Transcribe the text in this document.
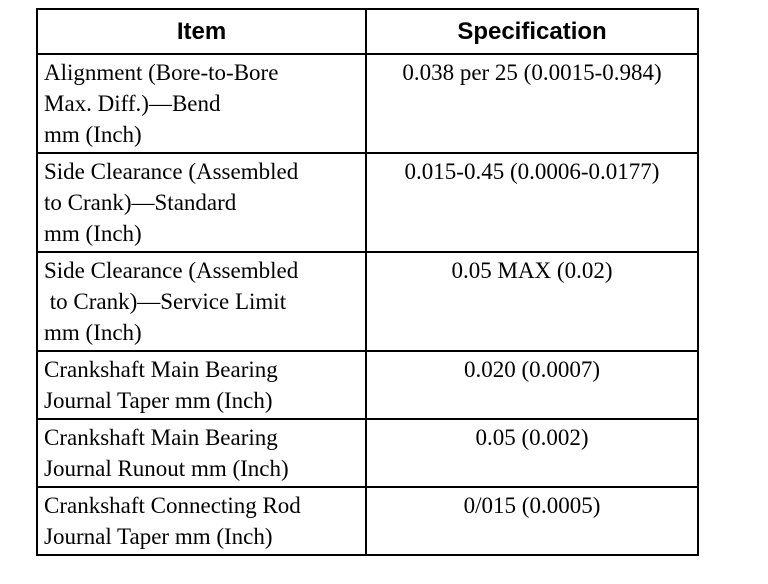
Item	Specification

Alignment (Bore-to-Bore
Max. Diff.)—Bend
mm (Inch)	0.038 per 25 (0.0015-0.984)

Side Clearance (Assembled
to Crank)—Standard
mm (Inch)	0.015-0.45 (0.0006-0.0177)

Side Clearance (Assembled
to Crank)—Service Limit
mm (Inch)	0.05 MAX (0.02)

Crankshaft Main Bearing
Journal Taper mm (Inch)	0.020 (0.0007)

Crankshaft Main Bearing
Journal Runout mm (Inch)	0.05 (0.002)

Crankshaft Connecting Rod
Journal Taper mm (Inch)	0/015 (0.0005)
